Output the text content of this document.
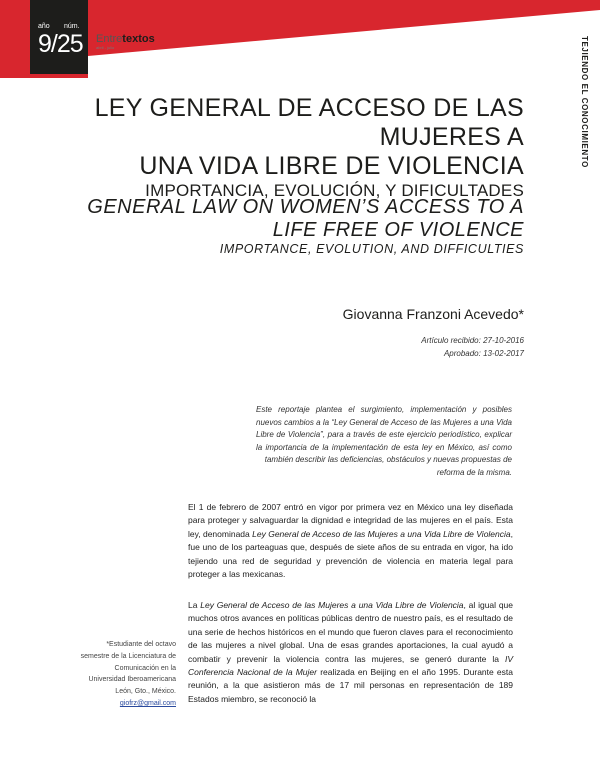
año núm.
9/25 Entretextos
abril - julio	TEJIENDO EL CONOCIMIENTO
LEY GENERAL DE ACCESO DE LAS MUJERES A
UNA VIDA LIBRE DE VIOLENCIA
IMPORTANCIA, EVOLUCIÓN, Y DIFICULTADES
GENERAL LAW ON WOMEN’S ACCESS TO A
LIFE FREE OF VIOLENCE
IMPORTANCE, EVOLUTION, AND DIFFICULTIES
Giovanna Franzoni Acevedo*
Artículo recibido: 27-10-2016
Aprobado: 13-02-2017
Este reportaje plantea el surgimiento, implementación y posibles nuevos cambios a la “Ley General de Acceso de las Mujeres a una Vida Libre de Violencia”, para a través de este ejercicio periodístico, explicar la importancia de la implementación de esta ley en México, así como también describir las deficiencias, obstáculos y nuevas propuestas de
reforma de la misma.

El 1 de febrero de 2007 entró en vigor por primera vez en México una ley diseñada para proteger y salvaguardar la dignidad e integridad de las mujeres en el país. Esta ley, denominada Ley General de Acceso de las Mujeres a una Vida Libre de Violencia, fue uno de los parteaguas que, después de siete años de su entrada en vigor, ha ido tejiendo una red de seguridad y prevención de violencia en materia legal para proteger a las mexicanas.

La Ley General de Acceso de las Mujeres a una Vida Libre de Violencia, al igual que muchos otros avances en políticas públicas dentro de nuestro país, es el resultado de una serie de hechos históricos en el mundo que fueron claves para el reconocimiento de las mujeres a nivel global. Una de esas grandes aportaciones, la cual ayudó a combatir y prevenir la violencia contra las mujeres, se generó durante la IV Conferencia Nacional de la Mujer realizada en Beijing en el año 1995. Durante esta reunión, a la que asistieron más de 17 mil personas en representación de 189 Estados miembro, se reconoció la

*Estudiante del octavo semestre de la Licenciatura de Comunicación en la Universidad Iberoamericana León, Gto., México.
giofrz@gmail.com
